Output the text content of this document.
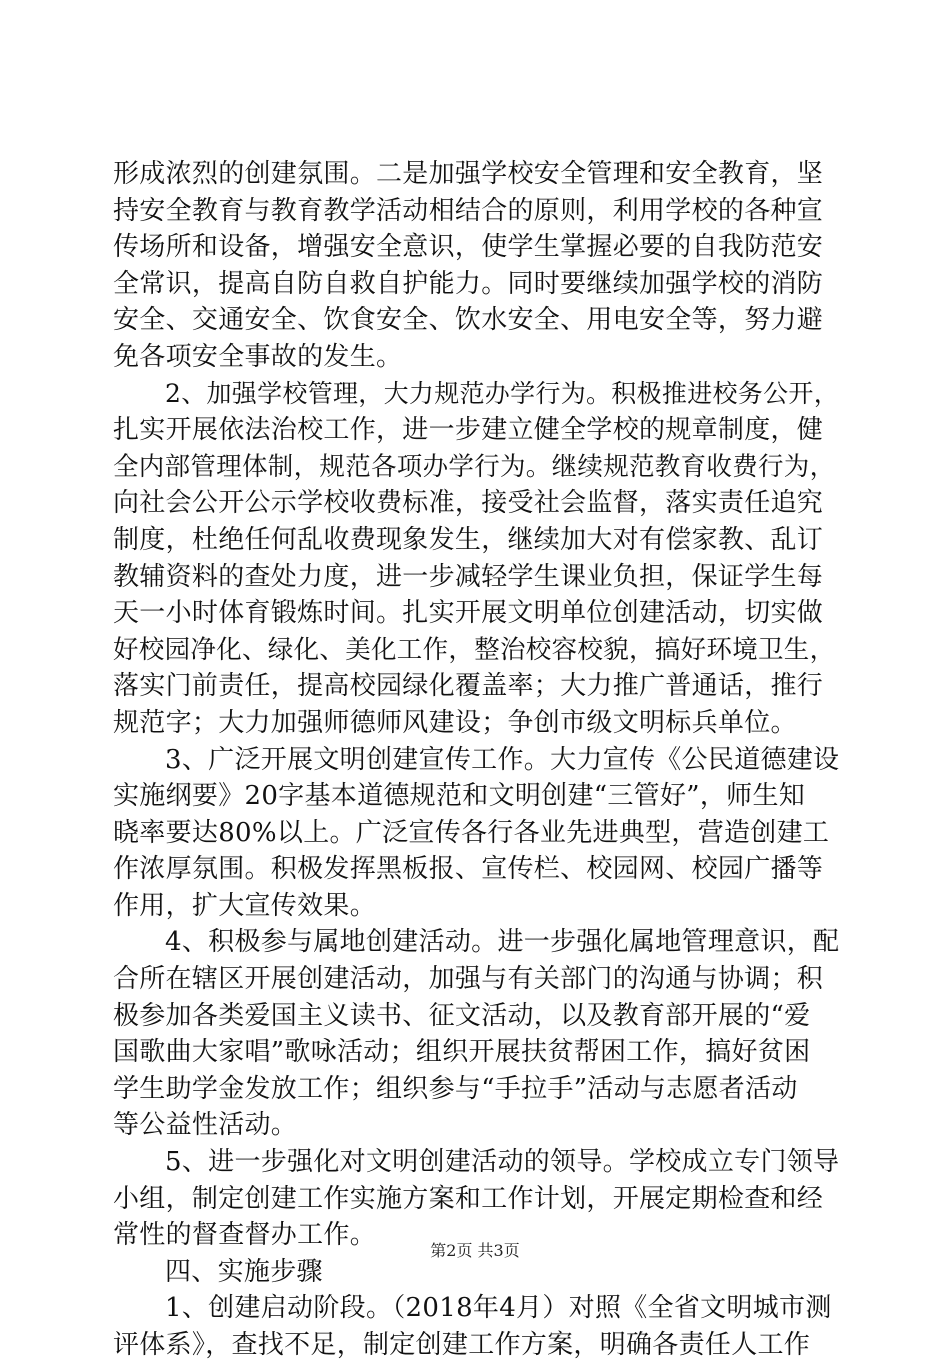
形成浓烈的创建氛围。二是加强学校安全管理和安全教育，坚
持安全教育与教育教学活动相结合的原则，利用学校的各种宣
传场所和设备，增强安全意识，使学生掌握必要的自我防范安
全常识，提高自防自救自护能力。同时要继续加强学校的消防
安全、交通安全、饮食安全、饮水安全、用电安全等，努力避
免各项安全事故的发生。
2、加强学校管理，大力规范办学行为。积极推进校务公开，
扎实开展依法治校工作，进一步建立健全学校的规章制度，健
全内部管理体制，规范各项办学行为。继续规范教育收费行为，
向社会公开公示学校收费标准，接受社会监督，落实责任追究
制度，杜绝任何乱收费现象发生，继续加大对有偿家教、乱订
教辅资料的查处力度，进一步减轻学生课业负担，保证学生每
天一小时体育锻炼时间。扎实开展文明单位创建活动，切实做
好校园净化、绿化、美化工作，整治校容校貌，搞好环境卫生，
落实门前责任，提高校园绿化覆盖率；大力推广普通话，推行
规范字；大力加强师德师风建设；争创市级文明标兵单位。
3、广泛开展文明创建宣传工作。大力宣传《公民道德建设
实施纲要》20字基本道德规范和文明创建“三管好”，师生知
晓率要达80%以上。广泛宣传各行各业先进典型，营造创建工
作浓厚氛围。积极发挥黑板报、宣传栏、校园网、校园广播等
作用，扩大宣传效果。
4、积极参与属地创建活动。进一步强化属地管理意识，配
合所在辖区开展创建活动，加强与有关部门的沟通与协调；积
极参加各类爱国主义读书、征文活动，以及教育部开展的“爱
国歌曲大家唱”歌咏活动；组织开展扶贫帮困工作，搞好贫困
学生助学金发放工作；组织参与“手拉手”活动与志愿者活动
等公益性活动。
5、进一步强化对文明创建活动的领导。学校成立专门领导
小组，制定创建工作实施方案和工作计划，开展定期检查和经
常性的督查督办工作。
四、实施步骤
1、创建启动阶段。（2018年4月）对照《全省文明城市测
评体系》，查找不足，制定创建工作方案，明确各责任人工作
第2页 共3页
